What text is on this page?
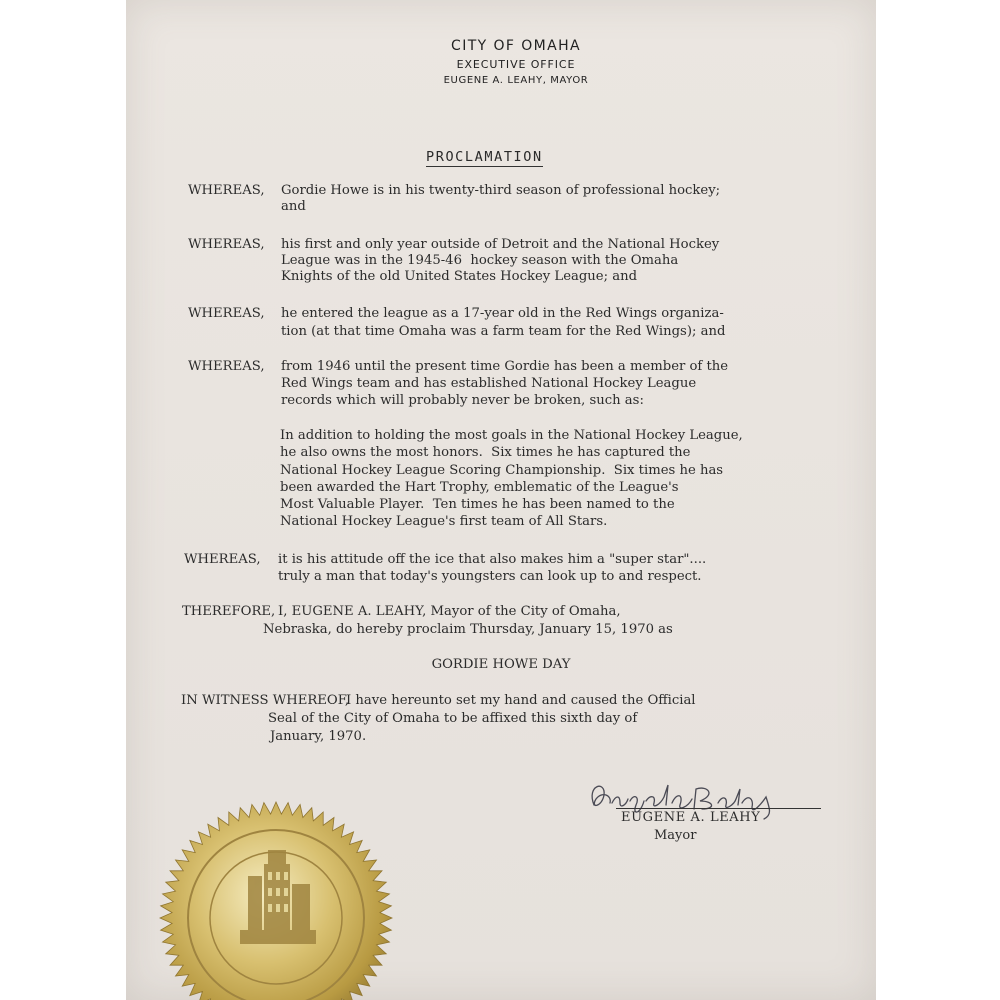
CITY OF OMAHA
EXECUTIVE OFFICE
EUGENE A. LEAHY, MAYOR
PROCLAMATION
WHEREAS, Gordie Howe is in his twenty-third season of professional hockey;
and
WHEREAS, his first and only year outside of Detroit and the National Hockey
League was in the 1945-46  hockey season with the Omaha
Knights of the old United States Hockey League; and
WHEREAS, he entered the league as a 17-year old in the Red Wings organiza-
tion (at that time Omaha was a farm team for the Red Wings); and
WHEREAS, from 1946 until the present time Gordie has been a member of the
Red Wings team and has established National Hockey League
records which will probably never be broken, such as:
In addition to holding the most goals in the National Hockey League,
he also owns the most honors.  Six times he has captured the
National Hockey League Scoring Championship.  Six times he has
been awarded the Hart Trophy, emblematic of the League's
Most Valuable Player.  Ten times he has been named to the
National Hockey League's first team of All Stars.
WHEREAS, it is his attitude off the ice that also makes him a "super star"....
truly a man that today's youngsters can look up to and respect.
THEREFORE, I, EUGENE A. LEAHY, Mayor of the City of Omaha,
Nebraska, do hereby proclaim Thursday, January 15, 1970 as
GORDIE HOWE DAY
IN WITNESS WHEREOF,
I have hereunto set my hand and caused the Official
Seal of the City of Omaha to be affixed this sixth day of
January, 1970.
EUGENE A. LEAHY
Mayor
